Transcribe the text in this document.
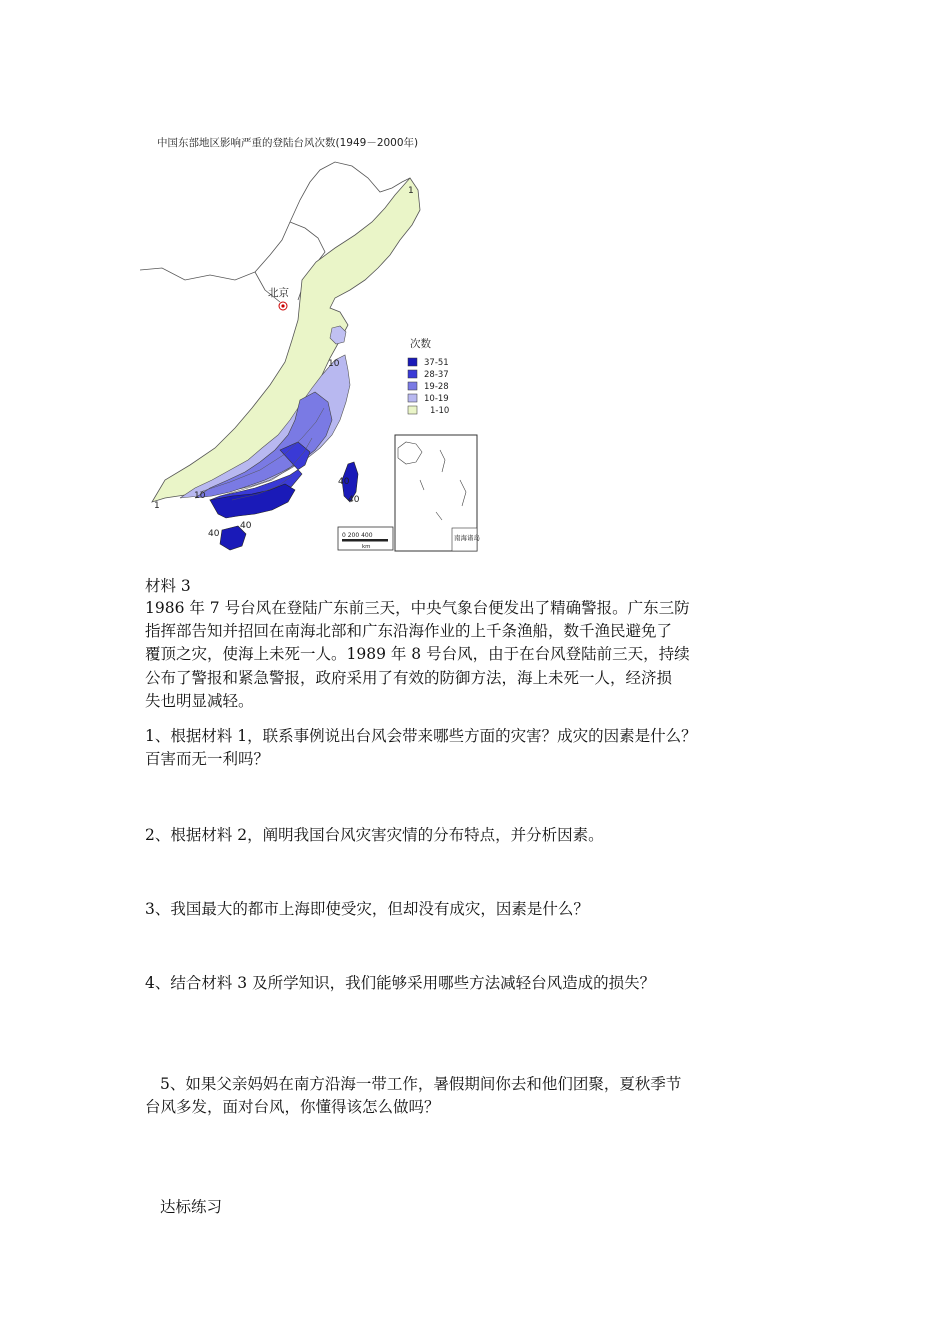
中国东部地区影响严重的登陆台风次数(1949－2000年)
1
10
10
40
40
40
40
1
北京
次数
37-51
28-37
19-28
10-19
1-10
南海诸岛
0 200 400
km
材料 3
1986 年 7 号台风在登陆广东前三天，中央气象台便发出了精确警报。广东三防
指挥部告知并招回在南海北部和广东沿海作业的上千条渔船，数千渔民避免了
覆顶之灾，使海上未死一人。1989 年 8 号台风，由于在台风登陆前三天，持续
公布了警报和紧急警报，政府采用了有效的防御方法，海上未死一人，经济损
失也明显减轻。
1、根据材料 1，联系事例说出台风会带来哪些方面的灾害？成灾的因素是什么？
百害而无一利吗？
2、根据材料 2，阐明我国台风灾害灾情的分布特点，并分析因素。
3、我国最大的都市上海即使受灾，但却没有成灾，因素是什么？
4、结合材料 3 及所学知识，我们能够采用哪些方法减轻台风造成的损失？
5、如果父亲妈妈在南方沿海一带工作，暑假期间你去和他们团聚，夏秋季节
台风多发，面对台风，你懂得该怎么做吗？
达标练习
